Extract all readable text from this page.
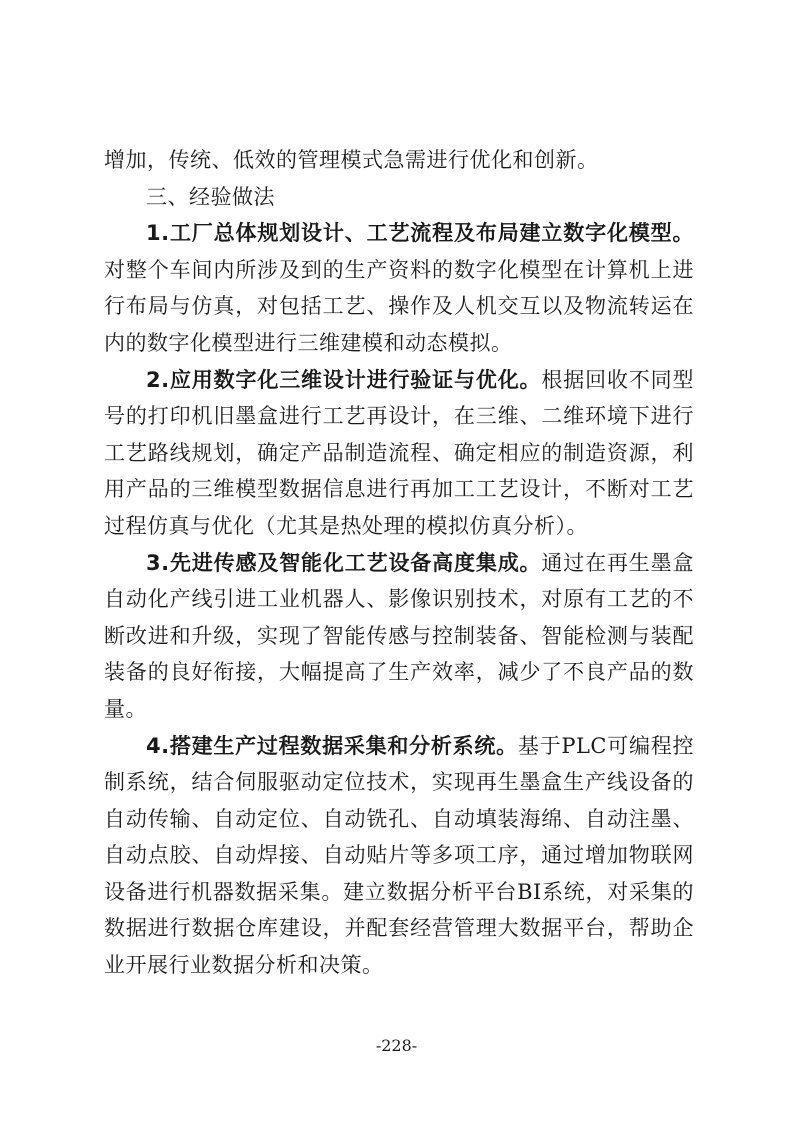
增加，传统、低效的管理模式急需进行优化和创新。

三、经验做法

1.工厂总体规划设计、工艺流程及布局建立数字化模型。对整个车间内所涉及到的生产资料的数字化模型在计算机上进行布局与仿真，对包括工艺、操作及人机交互以及物流转运在内的数字化模型进行三维建模和动态模拟。

2.应用数字化三维设计进行验证与优化。根据回收不同型号的打印机旧墨盒进行工艺再设计，在三维、二维环境下进行工艺路线规划，确定产品制造流程、确定相应的制造资源，利用产品的三维模型数据信息进行再加工工艺设计，不断对工艺过程仿真与优化（尤其是热处理的模拟仿真分析）。

3.先进传感及智能化工艺设备高度集成。通过在再生墨盒自动化产线引进工业机器人、影像识别技术，对原有工艺的不断改进和升级，实现了智能传感与控制装备、智能检测与装配装备的良好衔接，大幅提高了生产效率，减少了不良产品的数量。

4.搭建生产过程数据采集和分析系统。基于PLC可编程控制系统，结合伺服驱动定位技术，实现再生墨盒生产线设备的自动传输、自动定位、自动铣孔、自动填装海绵、自动注墨、自动点胶、自动焊接、自动贴片等多项工序，通过增加物联网设备进行机器数据采集。建立数据分析平台BI系统，对采集的数据进行数据仓库建设，并配套经营管理大数据平台，帮助企业开展行业数据分析和决策。

-228-
